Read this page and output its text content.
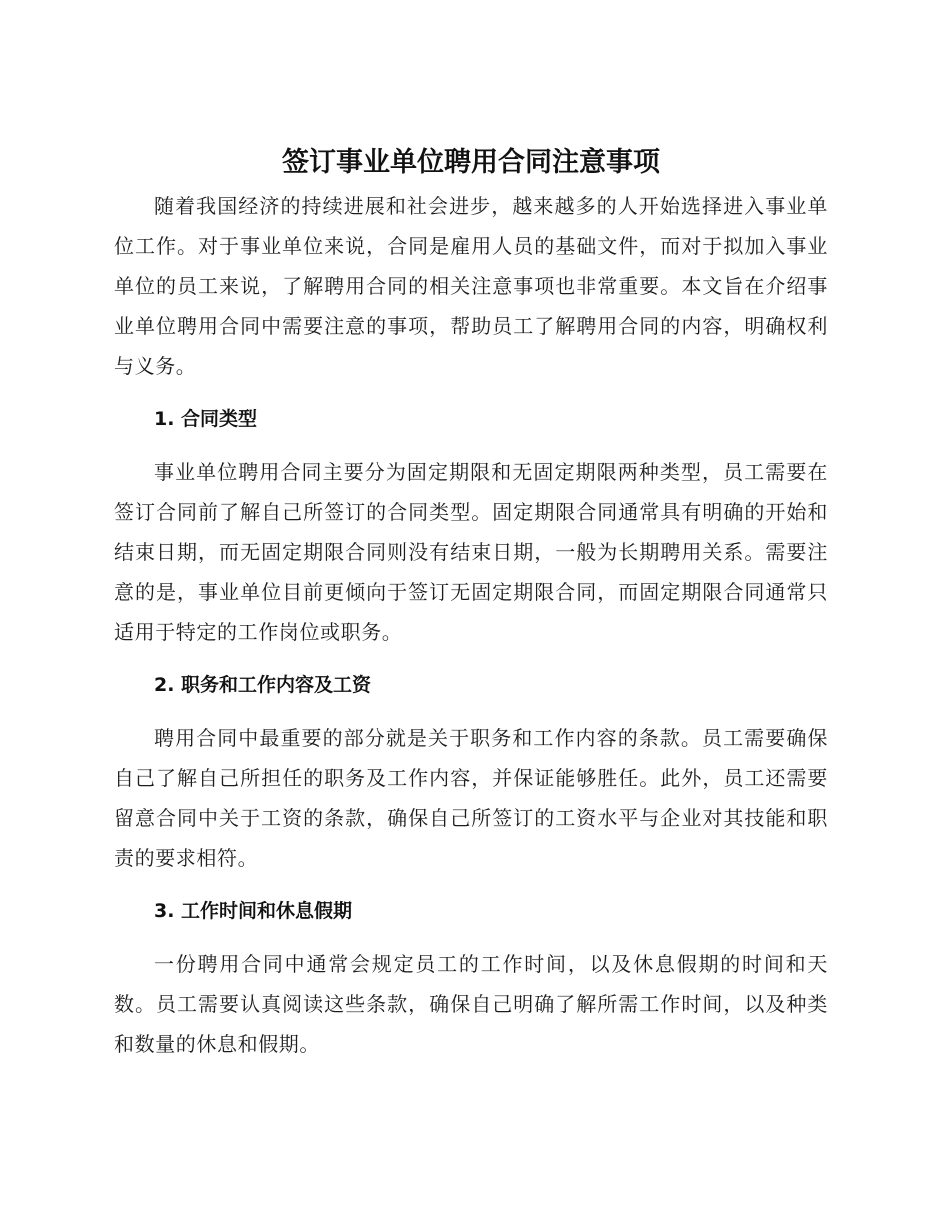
签订事业单位聘用合同注意事项

随着我国经济的持续进展和社会进步，越来越多的人开始选择进入事业单位工作。对于事业单位来说，合同是雇用人员的基础文件，而对于拟加入事业单位的员工来说，了解聘用合同的相关注意事项也非常重要。本文旨在介绍事业单位聘用合同中需要注意的事项，帮助员工了解聘用合同的内容，明确权利与义务。

1. 合同类型

事业单位聘用合同主要分为固定期限和无固定期限两种类型，员工需要在签订合同前了解自己所签订的合同类型。固定期限合同通常具有明确的开始和结束日期，而无固定期限合同则没有结束日期，一般为长期聘用关系。需要注意的是，事业单位目前更倾向于签订无固定期限合同，而固定期限合同通常只适用于特定的工作岗位或职务。

2. 职务和工作内容及工资

聘用合同中最重要的部分就是关于职务和工作内容的条款。员工需要确保自己了解自己所担任的职务及工作内容，并保证能够胜任。此外，员工还需要留意合同中关于工资的条款，确保自己所签订的工资水平与企业对其技能和职责的要求相符。

3. 工作时间和休息假期

一份聘用合同中通常会规定员工的工作时间，以及休息假期的时间和天数。员工需要认真阅读这些条款，确保自己明确了解所需工作时间，以及种类和数量的休息和假期。
